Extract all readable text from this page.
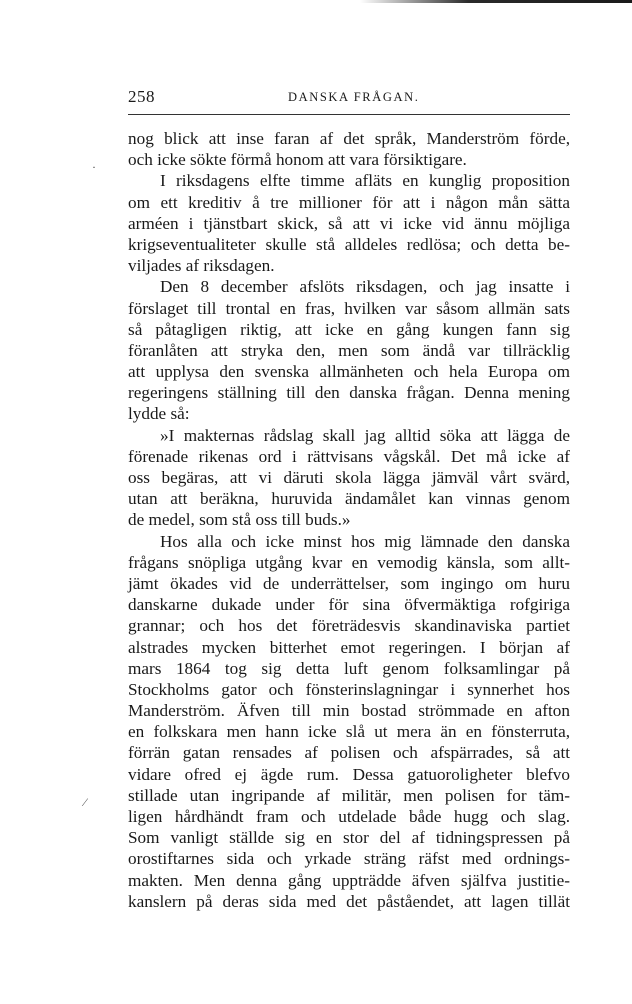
258	DANSKA FRÅGAN.
·
⁄
nog blick att inse faran af det språk, Manderström förde,
och icke sökte förmå honom att vara försiktigare.
I riksdagens elfte timme afläts en kunglig proposition
om ett kreditiv å tre millioner för att i någon mån sätta
arméen i tjänstbart skick, så att vi icke vid ännu möjliga
krigseventualiteter skulle stå alldeles redlösa; och detta be-
viljades af riksdagen.
Den 8 december afslöts riksdagen, och jag insatte i
förslaget till trontal en fras, hvilken var såsom allmän sats
så påtagligen riktig, att icke en gång kungen fann sig
föranlåten att stryka den, men som ändå var tillräcklig
att upplysa den svenska allmänheten och hela Europa om
regeringens ställning till den danska frågan. Denna mening
lydde så:
»I makternas rådslag skall jag alltid söka att lägga de
förenade rikenas ord i rättvisans vågskål. Det må icke af
oss begäras, att vi däruti skola lägga jämväl vårt svärd,
utan att beräkna, huruvida ändamålet kan vinnas genom
de medel, som stå oss till buds.»
Hos alla och icke minst hos mig lämnade den danska
frågans snöpliga utgång kvar en vemodig känsla, som allt-
jämt ökades vid de underrättelser, som ingingo om huru
danskarne dukade under för sina öfvermäktiga rofgiriga
grannar; och hos det företrädesvis skandinaviska partiet
alstrades mycken bitterhet emot regeringen. I början af
mars 1864 tog sig detta luft genom folksamlingar på
Stockholms gator och fönsterinslagningar i synnerhet hos
Manderström. Äfven till min bostad strömmade en afton
en folkskara men hann icke slå ut mera än en fönsterruta,
förrän gatan rensades af polisen och afspärrades, så att
vidare ofred ej ägde rum. Dessa gatuoroligheter blefvo
stillade utan ingripande af militär, men polisen for täm-
ligen hårdhändt fram och utdelade både hugg och slag.
Som vanligt ställde sig en stor del af tidningspressen på
orostiftarnes sida och yrkade sträng räfst med ordnings-
makten. Men denna gång uppträdde äfven själfva justitie-
kanslern på deras sida med det påståendet, att lagen tillät
